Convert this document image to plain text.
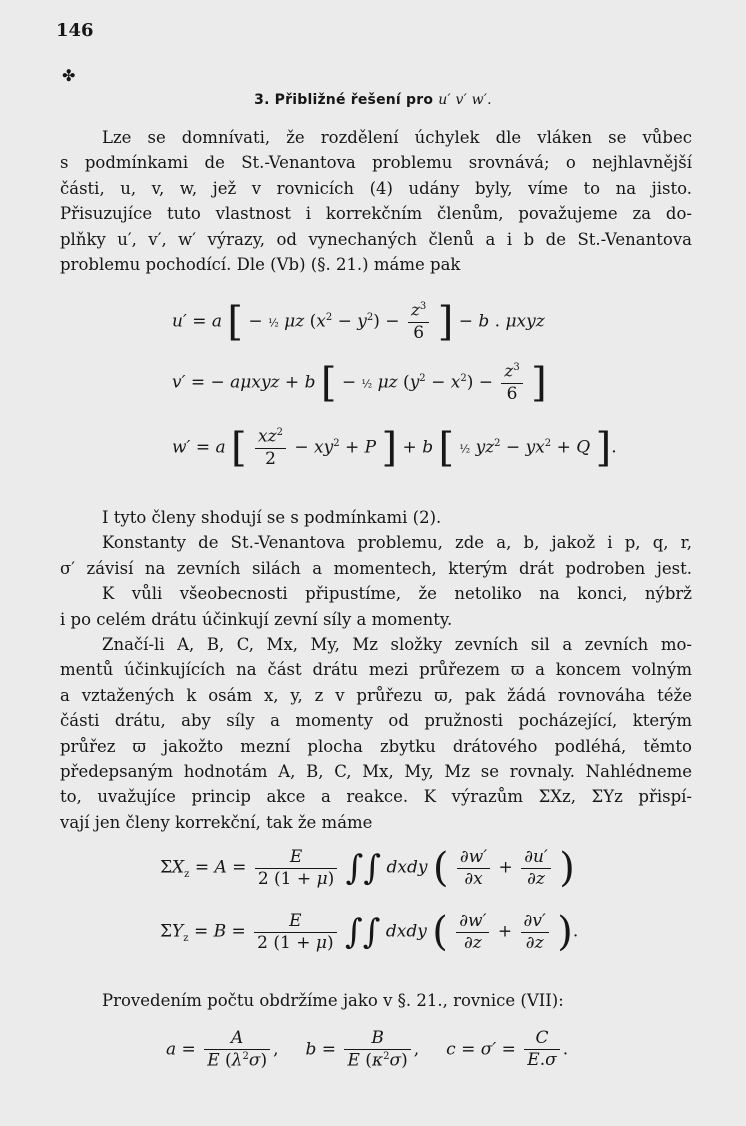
146
✤
3. Přibližné řešení pro u′ v′ w′.
Lze se domnívati, že rozdělení úchylek dle vláken se vůbec
s podmínkami de St.-Venantova problemu srovnává; o nejhlavnější
části, u, v, w, jež v rovnicích (4) udány byly, víme to na jisto.
Přisuzujíce tuto vlastnost i korrekčním členům, považujeme za do-
plňky u′, v′, w′ výrazy, od vynechaných členů a i b de St.-Venantova
problemu pochodící. Dle (Vb) (§. 21.) máme pak
u′ = a [ − ½ μz $(x^2 - y^2) - \frac{z^3}{6}$ ] − b . μxyz
v′ = − aμxyz + b [ − ½ μz $(y^2 - x^2) - \frac{z^3}{6}$ ]
w′ = a [ $\frac{xz^2}{2} - xy^2 + P$ ] + b [ ½ $yz^2 - yx^2 + Q$ ].
I tyto členy shodují se s podmínkami (2).
Konstanty de St.-Venantova problemu, zde a, b, jakož i p, q, r,
σ′ závisí na zevních silách a momentech, kterým drát podroben jest.
K vůli všeobecnosti připustíme, že netoliko na konci, nýbrž
i po celém drátu účinkují zevní síly a momenty.
Značí-li A, B, C, Mx, My, Mz složky zevních sil a zevních mo-
mentů účinkujících na část drátu mezi průřezem ϖ a koncem volným
a vztažených k osám x, y, z v průřezu ϖ, pak žádá rovnováha téže
části drátu, aby síly a momenty od pružnosti pocházející, kterým
průřez ϖ jakožto mezní plocha zbytku drátového podléhá, těmto
předepsaným hodnotám A, B, C, Mx, My, Mz se rovnaly. Nahlédneme
to, uvažujíce princip akce a reakce. K výrazům ΣXz, ΣYz přispí-
vají jen členy korrekční, tak že máme
$\Sigma X_z = A = \frac{E}{2 (1 + \mu)}$ ∫∫ dxdy ( $\frac{\partial w'}{\partial x} + \frac{\partial u'}{\partial z}$ )
$\Sigma Y_z = B = \frac{E}{2 (1 + \mu)}$ ∫∫ dxdy ( $\frac{\partial w'}{\partial z} + \frac{\partial v'}{\partial z}$ ).
Provedením počtu obdržíme jako v §. 21., rovnice (VII):
$a = \frac{A}{E (\lambda^2\sigma)}$ ,     $b = \frac{B}{E (\kappa^2\sigma)}$ ,     $c = \sigma' = \frac{C}{E.\sigma}$ .
